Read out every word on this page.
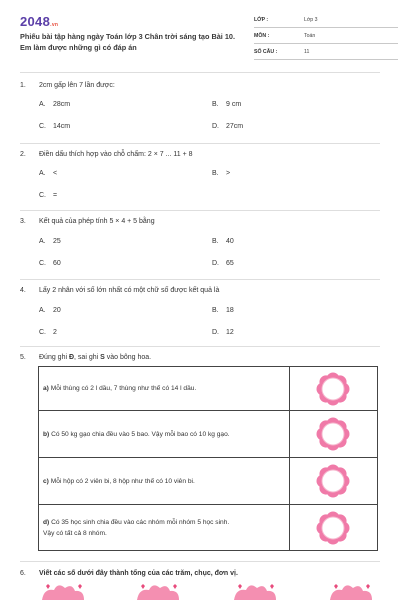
2048.vn
Phiếu bài tập hàng ngày Toán lớp 3 Chân trời sáng tạo Bài 10. Em làm được những gì có đáp án
LỚP :	Lớp 3
MÔN :	Toán
SỐ CÂU :	11
1. 2cm gấp lên 7 lần được:
A. 28cm	B. 9 cm
C. 14cm	D. 27cm
2. Điền dấu thích hợp vào chỗ chấm: 2 × 7 ... 11 + 8
A. <	B. >
C. =
3. Kết quả của phép tính 5 × 4 + 5 bằng
A. 25	B. 40
C. 60	D. 65
4. Lấy 2 nhân với số lớn nhất có một chữ số được kết quả là
A. 20	B. 18
C. 2	D. 12
5. Đúng ghi Đ, sai ghi S vào bông hoa.
a) Mỗi thùng có 2 l dầu, 7 thùng như thế có 14 l dầu.	

b) Có 50 kg gạo chia đều vào 5 bao. Vậy mỗi bao có 10 kg gạo.	

c) Mỗi hộp có 2 viên bi, 8 hộp như thế có 10 viên bi.	

d) Có 35 học sinh chia đều vào các nhóm mỗi nhóm 5 học sinh.
Vậy có tất cả 8 nhóm.	
6. Viết các số dưới đây thành tổng của các trăm, chục, đơn vị.
